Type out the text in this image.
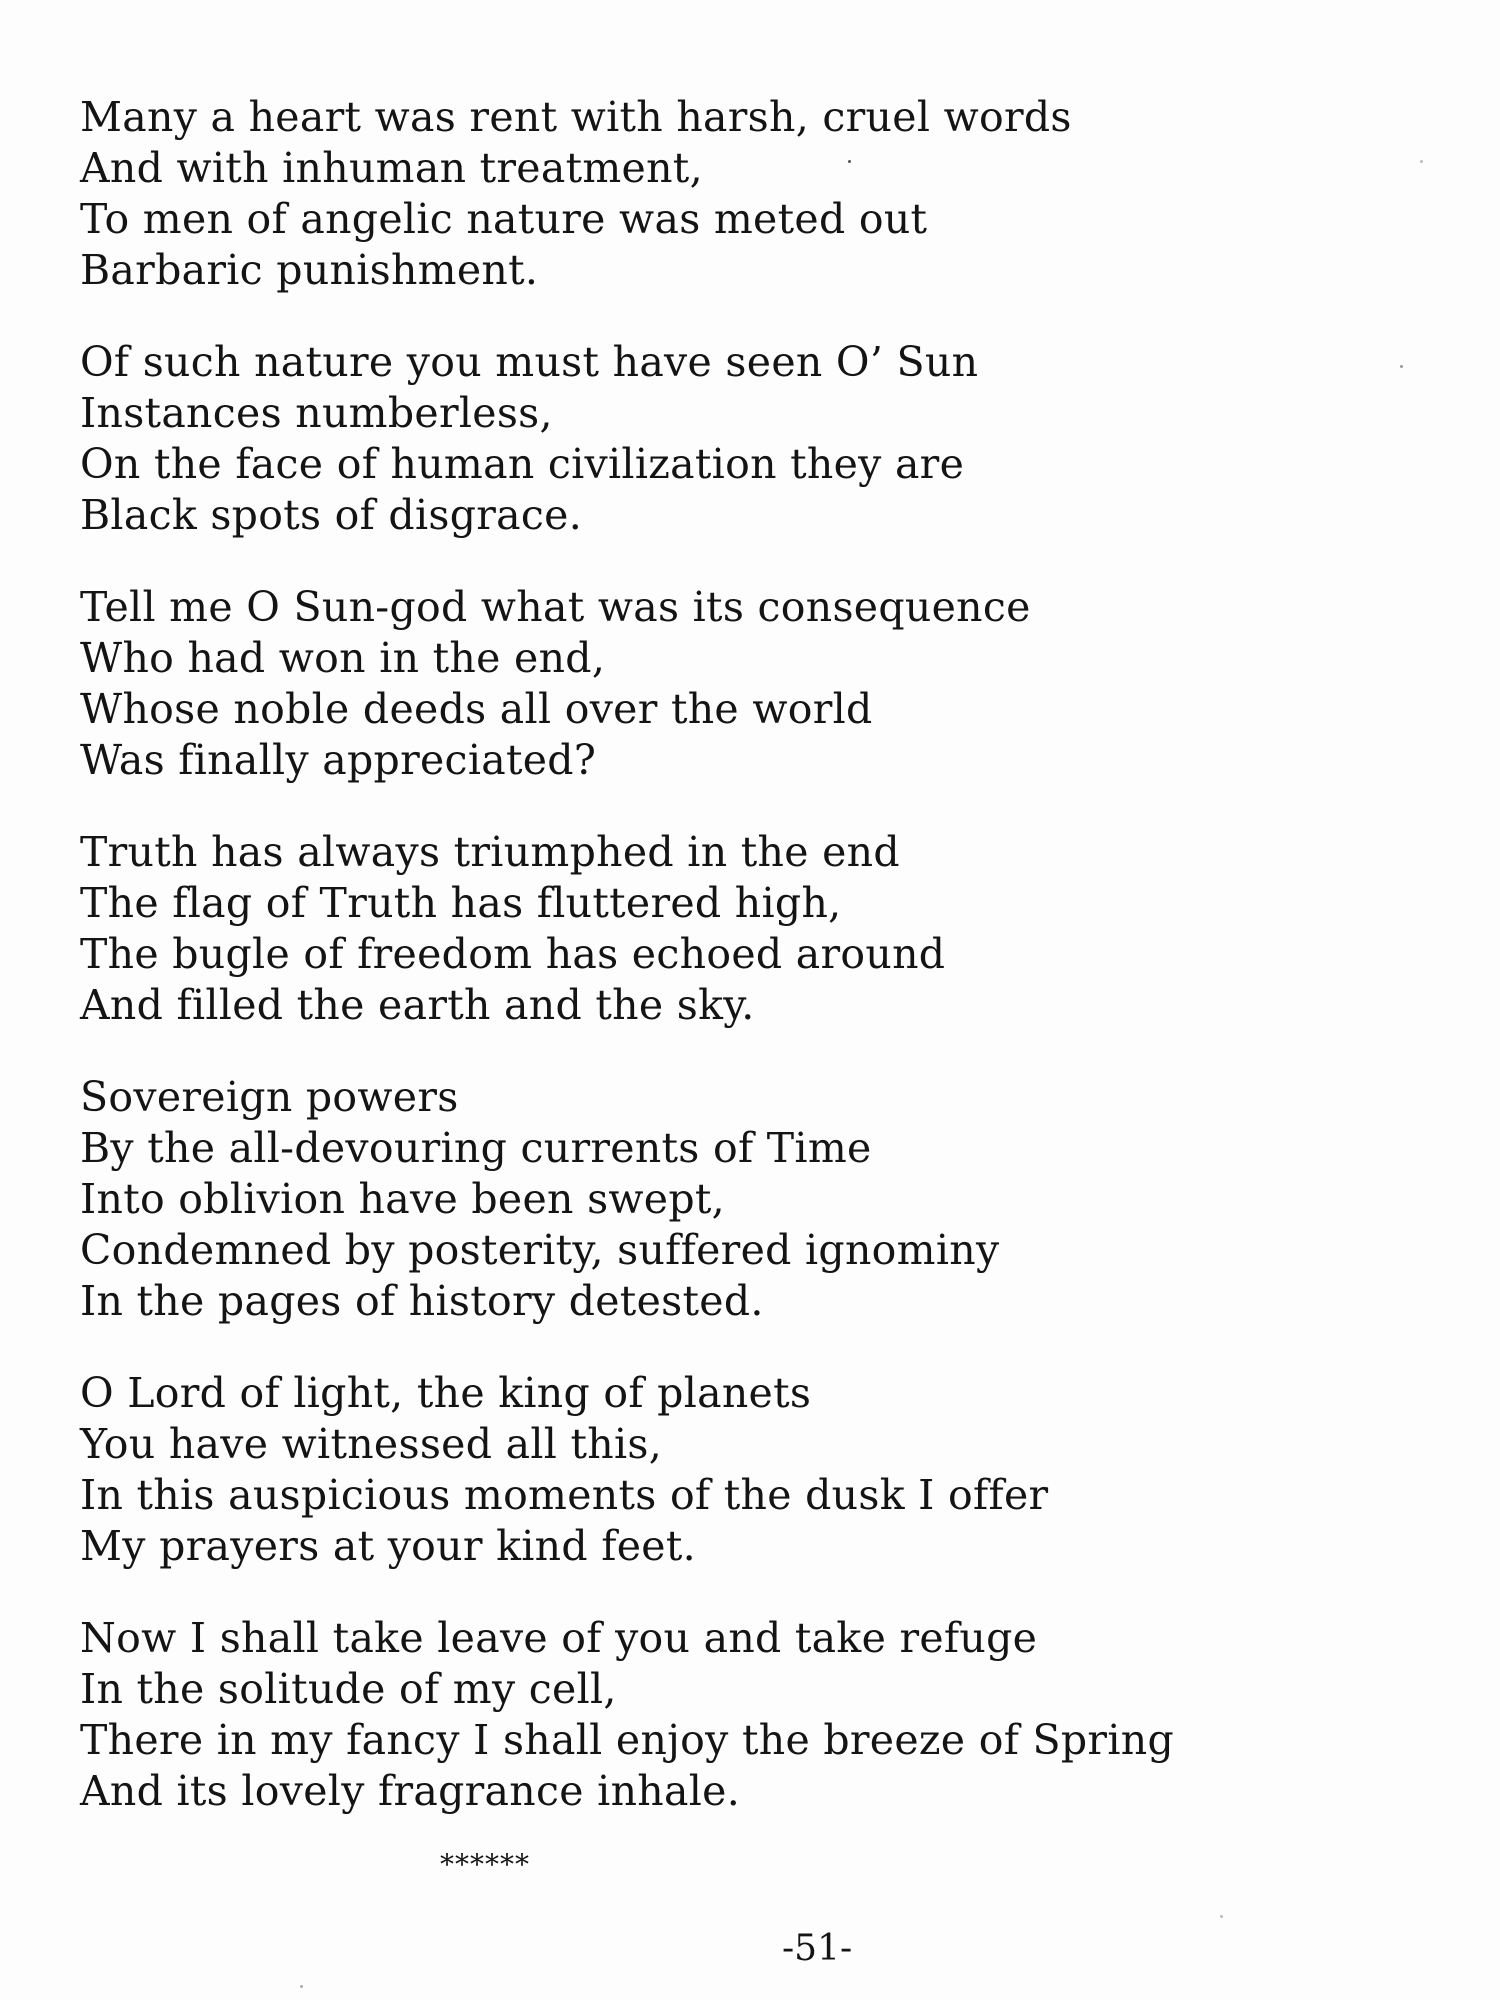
Many a heart was rent with harsh, cruel words
And with inhuman treatment,
To men of angelic nature was meted out
Barbaric punishment.
Of such nature you must have seen O’ Sun
Instances numberless,
On the face of human civilization they are
Black spots of disgrace.
Tell me O Sun-god what was its consequence
Who had won in the end,
Whose noble deeds all over the world
Was finally appreciated?
Truth has always triumphed in the end
The flag of Truth has fluttered high,
The bugle of freedom has echoed around
And filled the earth and the sky.
Sovereign powers
By the all-devouring currents of Time
Into oblivion have been swept,
Condemned by posterity, suffered ignominy
In the pages of history detested.
O Lord of light, the king of planets
You have witnessed all this,
In this auspicious moments of the dusk I offer
My prayers at your kind feet.
Now I shall take leave of you and take refuge
In the solitude of my cell,
There in my fancy I shall enjoy the breeze of Spring
And its lovely fragrance inhale.
******
-51-
